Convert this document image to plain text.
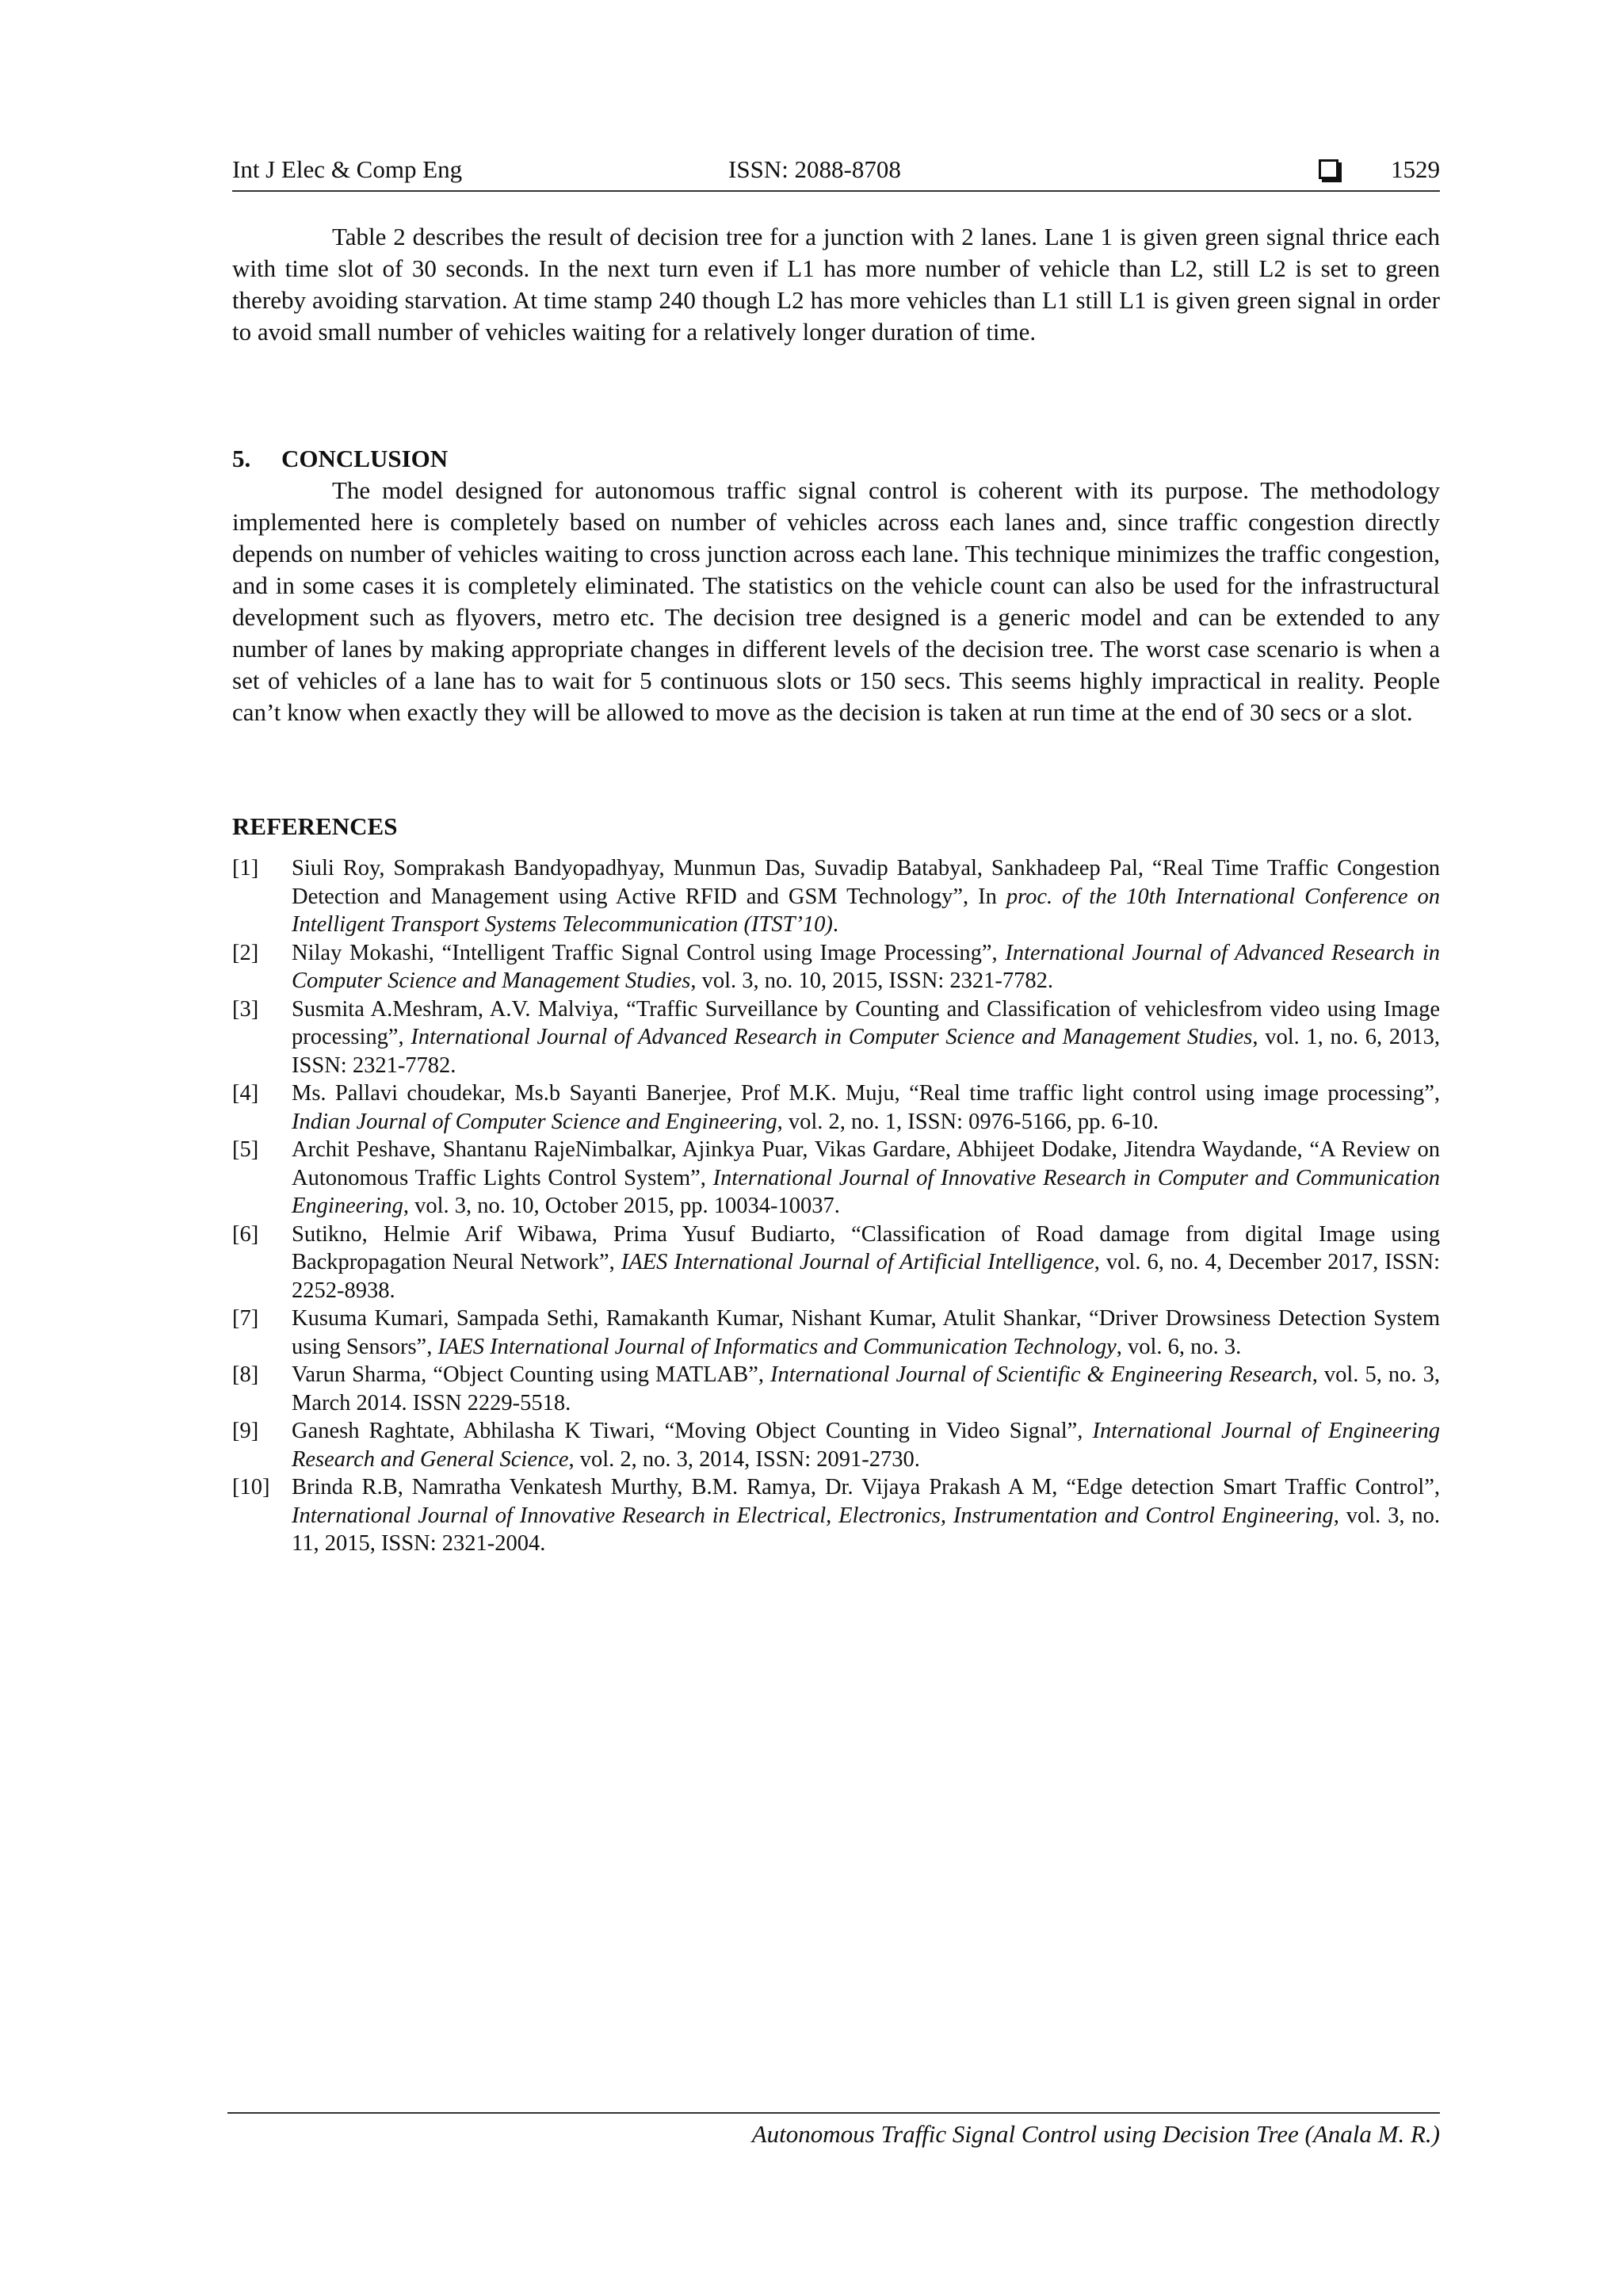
Int J Elec & Comp Eng	ISSN: 2088-8708	1529

Table 2 describes the result of decision tree for a junction with 2 lanes. Lane 1 is given green signal thrice each with time slot of 30 seconds. In the next turn even if L1 has more number of vehicle than L2, still L2 is set to green thereby avoiding starvation. At time stamp 240 though L2 has more vehicles than L1 still L1 is given green signal in order to avoid small number of vehicles waiting for a relatively longer duration of time.

5. CONCLUSION

The model designed for autonomous traffic signal control is coherent with its purpose. The methodology implemented here is completely based on number of vehicles across each lanes and, since traffic congestion directly depends on number of vehicles waiting to cross junction across each lane. This technique minimizes the traffic congestion, and in some cases it is completely eliminated. The statistics on the vehicle count can also be used for the infrastructural development such as flyovers, metro etc. The decision tree designed is a generic model and can be extended to any number of lanes by making appropriate changes in different levels of the decision tree. The worst case scenario is when a set of vehicles of a lane has to wait for 5 continuous slots or 150 secs. This seems highly impractical in reality. People can’t know when exactly they will be allowed to move as the decision is taken at run time at the end of 30 secs or a slot.

REFERENCES
[1] Siuli Roy, Somprakash Bandyopadhyay, Munmun Das, Suvadip Batabyal, Sankhadeep Pal, “Real Time Traffic Congestion Detection and Management using Active RFID and GSM Technology”, In proc. of the 10th International Conference on Intelligent Transport Systems Telecommunication (ITST’10).
[2] Nilay Mokashi, “Intelligent Traffic Signal Control using Image Processing”, International Journal of Advanced Research in Computer Science and Management Studies, vol. 3, no. 10, 2015, ISSN: 2321-7782.
[3] Susmita A.Meshram, A.V. Malviya, “Traffic Surveillance by Counting and Classification of vehiclesfrom video using Image processing”, International Journal of Advanced Research in Computer Science and Management Studies, vol. 1, no. 6, 2013, ISSN: 2321-7782.
[4] Ms. Pallavi choudekar, Ms.b Sayanti Banerjee, Prof M.K. Muju, “Real time traffic light control using image processing”, Indian Journal of Computer Science and Engineering, vol. 2, no. 1, ISSN: 0976-5166, pp. 6-10.
[5] Archit Peshave, Shantanu RajeNimbalkar, Ajinkya Puar, Vikas Gardare, Abhijeet Dodake, Jitendra Waydande, “A Review on Autonomous Traffic Lights Control System”, International Journal of Innovative Research in Computer and Communication Engineering, vol. 3, no. 10, October 2015, pp. 10034-10037.
[6] Sutikno, Helmie Arif Wibawa, Prima Yusuf Budiarto, “Classification of Road damage from digital Image using Backpropagation Neural Network”, IAES International Journal of Artificial Intelligence, vol. 6, no. 4, December 2017, ISSN: 2252-8938.
[7] Kusuma Kumari, Sampada Sethi, Ramakanth Kumar, Nishant Kumar, Atulit Shankar, “Driver Drowsiness Detection System using Sensors”, IAES International Journal of Informatics and Communication Technology, vol. 6, no. 3.
[8] Varun Sharma, “Object Counting using MATLAB”, International Journal of Scientific & Engineering Research, vol. 5, no. 3, March 2014. ISSN 2229-5518.
[9] Ganesh Raghtate, Abhilasha K Tiwari, “Moving Object Counting in Video Signal”, International Journal of Engineering Research and General Science, vol. 2, no. 3, 2014, ISSN: 2091-2730.
[10] Brinda R.B, Namratha Venkatesh Murthy, B.M. Ramya, Dr. Vijaya Prakash A M, “Edge detection Smart Traffic Control”, International Journal of Innovative Research in Electrical, Electronics, Instrumentation and Control Engineering, vol. 3, no. 11, 2015, ISSN: 2321-2004.
Autonomous Traffic Signal Control using Decision Tree (Anala M. R.)
